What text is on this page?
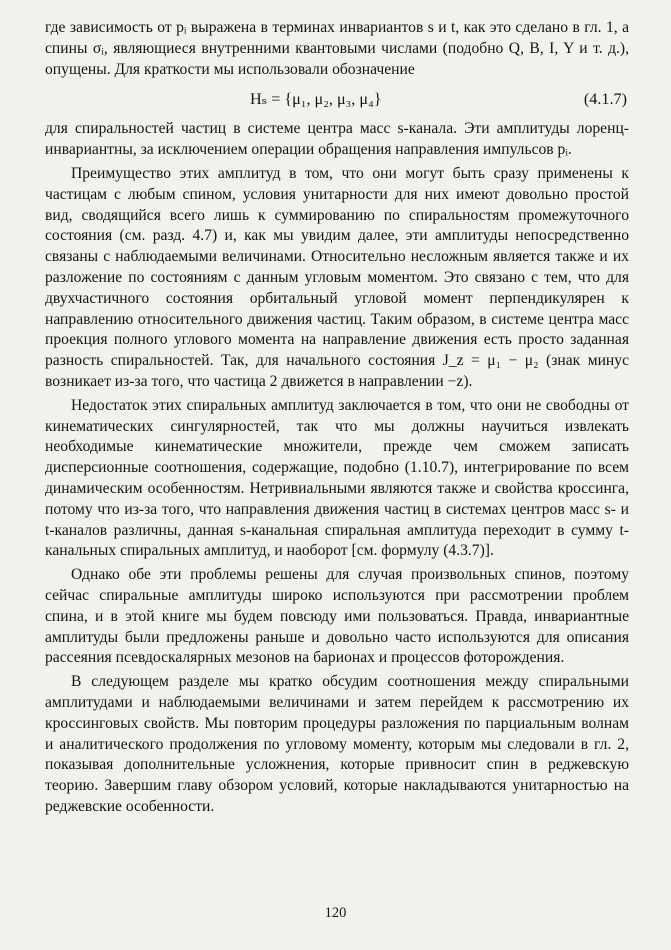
где зависимость от pᵢ выражена в терминах инвариантов s и t, как это сделано в гл. 1, а спины σᵢ, являющиеся внутренними квантовыми числами (подобно Q, B, I, Y и т. д.), опущены. Для краткости мы использовали обозначение

Hₛ = {μ₁, μ₂, μ₃, μ₄}	(4.1.7)

для спиральностей частиц в системе центра масс s-канала. Эти амплитуды лоренц-инвариантны, за исключением операции обращения направления импульсов pᵢ.

Преимущество этих амплитуд в том, что они могут быть сразу применены к частицам с любым спином, условия унитарности для них имеют довольно простой вид, сводящийся всего лишь к суммированию по спиральностям промежуточного состояния (см. разд. 4.7) и, как мы увидим далее, эти амплитуды непосредственно связаны с наблюдаемыми величинами. Относительно несложным является также и их разложение по состояниям с данным угловым моментом. Это связано с тем, что для двухчастичного состояния орбитальный угловой момент перпендикулярен к направлению относительного движения частиц. Таким образом, в системе центра масс проекция полного углового момента на направление движения есть просто заданная разность спиральностей. Так, для начального состояния J_z = μ₁ − μ₂ (знак минус возникает из-за того, что частица 2 движется в направлении −z).

Недостаток этих спиральных амплитуд заключается в том, что они не свободны от кинематических сингулярностей, так что мы должны научиться извлекать необходимые кинематические множители, прежде чем сможем записать дисперсионные соотношения, содержащие, подобно (1.10.7), интегрирование по всем динамическим особенностям. Нетривиальными являются также и свойства кроссинга, потому что из-за того, что направления движения частиц в системах центров масс s- и t-каналов различны, данная s-канальная спиральная амплитуда переходит в сумму t-канальных спиральных амплитуд, и наоборот [см. формулу (4.3.7)].

Однако обе эти проблемы решены для случая произвольных спинов, поэтому сейчас спиральные амплитуды широко используются при рассмотрении проблем спина, и в этой книге мы будем повсюду ими пользоваться. Правда, инвариантные амплитуды были предложены раньше и довольно часто используются для описания рассеяния псевдоскалярных мезонов на барионах и процессов фоторождения.

В следующем разделе мы кратко обсудим соотношения между спиральными амплитудами и наблюдаемыми величинами и затем перейдем к рассмотрению их кроссинговых свойств. Мы повторим процедуры разложения по парциальным волнам и аналитического продолжения по угловому моменту, которым мы следовали в гл. 2, показывая дополнительные усложнения, которые привносит спин в реджевскую теорию. Завершим главу обзором условий, которые накладываются унитарностью на реджевские особенности.

120
